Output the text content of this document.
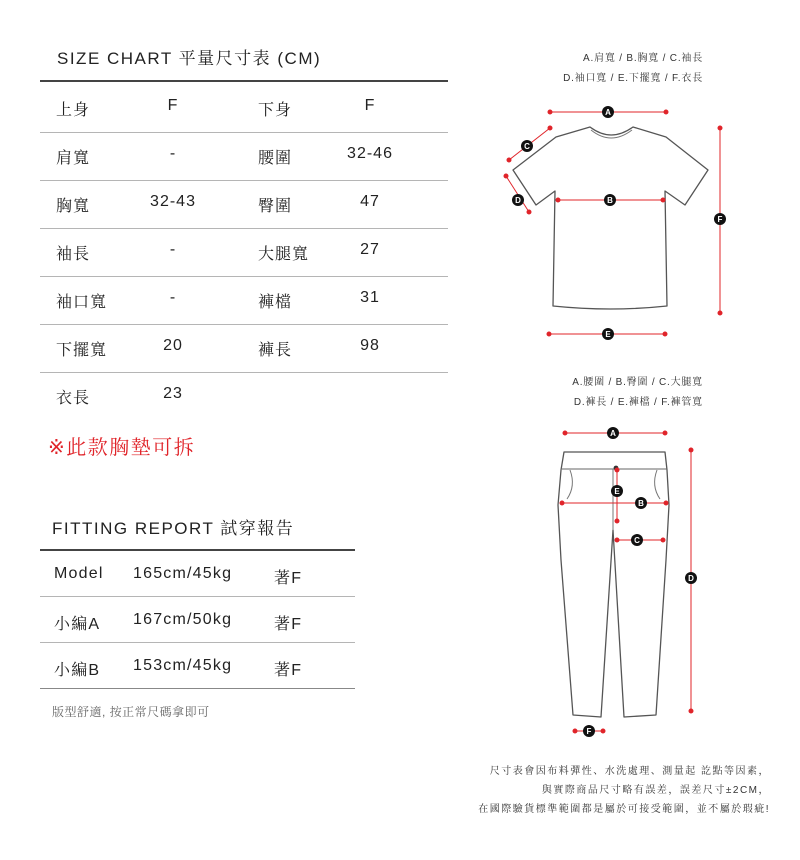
SIZE CHART 平量尺寸表 (CM)
上身	F	下身	F
肩寬	-	腰圍	32-46
胸寬	32-43	臀圍	47
袖長	-	大腿寬	27
袖口寬	-	褲檔	31
下擺寬	20	褲長	98
衣長	23
※此款胸墊可拆
FITTING REPORT 試穿報告
Model 165cm/45kg	著F
小編A 167cm/50kg	著F
小編B 153cm/45kg	著F
版型舒適, 按正常尺碼拿即可
A.肩寬 / B.胸寬 / C.袖長
D.袖口寬 / E.下擺寬 / F.衣長
A
C
D	B
E
F
A.腰圍 / B.臀圍 / C.大腿寬
D.褲長 / E.褲檔 / F.褲管寬
A
E
B
C
D
F
尺寸表會因布料彈性、水洗處理、測量起 訖點等因素，
與實際商品尺寸略有誤差，誤差尺寸±2CM，
在國際驗貨標準範圍都是屬於可接受範圍，並不屬於瑕疵!
